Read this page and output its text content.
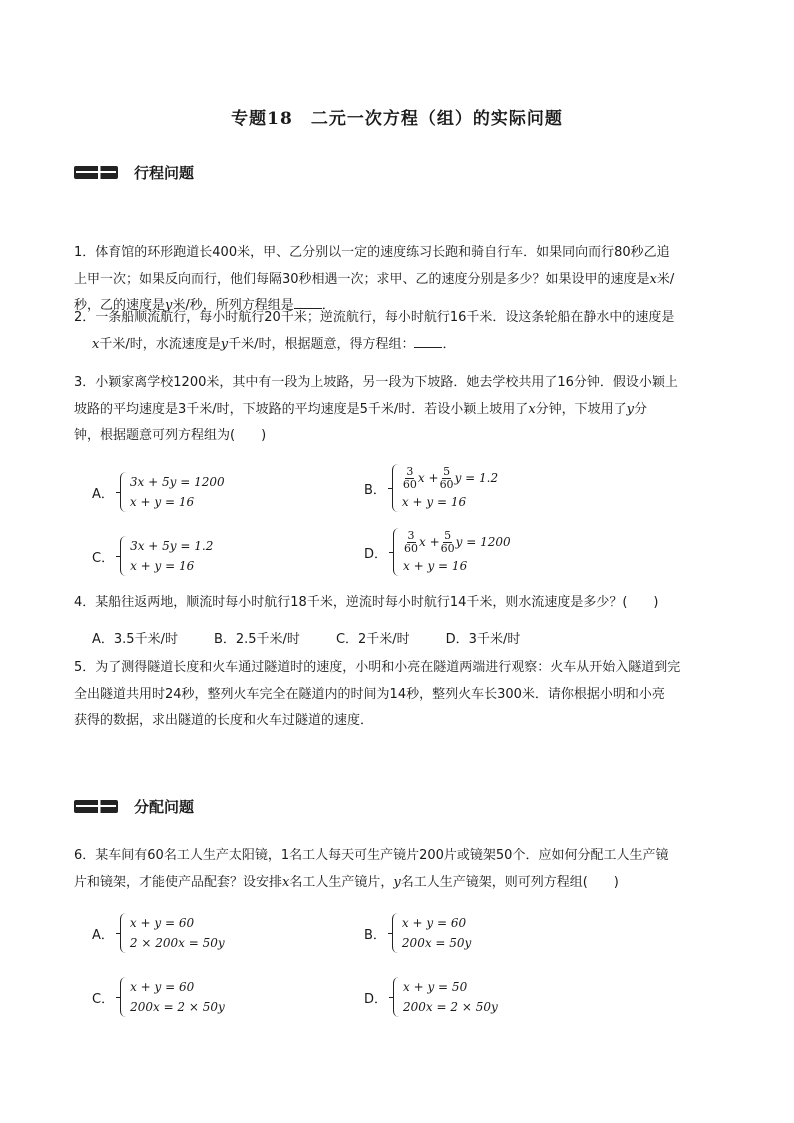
专题18 二元一次方程（组）的实际问题
行程问题
1．体育馆的环形跑道长400米，甲、乙分别以一定的速度练习长跑和骑自行车．如果同向而行80秒乙追
上甲一次；如果反向而行，他们每隔30秒相遇一次；求甲、乙的速度分别是多少？如果设甲的速度是x米/
秒，乙的速度是y米/秒，所列方程组是 ．
2．一条船顺流航行，每小时航行20千米；逆流航行，每小时航行16千米．设这条轮船在静水中的速度是
x千米/时，水流速度是y千米/时，根据题意，得方程组： ．
3．小颖家离学校1200米，其中有一段为上坡路，另一段为下坡路．她去学校共用了16分钟．假设小颖上
坡路的平均速度是3千米/时，下坡路的平均速度是5千米/时．若设小颖上坡用了x分钟，下坡用了y分
钟，根据题意可列方程组为(　　)
A．
3x + 5y = 1200
x + y = 16
B． $\frac{3}{60}$ $x + \frac{5}{60}$ y = 1.2
x + y = 16
C．
3x + 5y = 1.2
x + y = 16
D． $\frac{3}{60}$ $x + \frac{5}{60}$ y = 1200
x + y = 16
4．某船往返两地，顺流时每小时航行18千米，逆流时每小时航行14千米，则水流速度是多少？(　　)
A．3.5千米/时	B．2.5千米/时	C．2千米/时	D．3千米/时
5．为了测得隧道长度和火车通过隧道时的速度，小明和小亮在隧道两端进行观察：火车从开始入隧道到完
全出隧道共用时24秒，整列火车完全在隧道内的时间为14秒，整列火车长300米．请你根据小明和小亮
获得的数据，求出隧道的长度和火车过隧道的速度．
分配问题
6．某车间有60名工人生产太阳镜，1名工人每天可生产镜片200片或镜架50个．应如何分配工人生产镜
片和镜架，才能使产品配套？设安排x名工人生产镜片，y名工人生产镜架，则可列方程组(　　)
A．
x + y = 60
2 × 200x = 50y
B．
x + y = 60
200x = 50y
C．
x + y = 60
200x = 2 × 50y
D．
x + y = 50
200x = 2 × 50y
